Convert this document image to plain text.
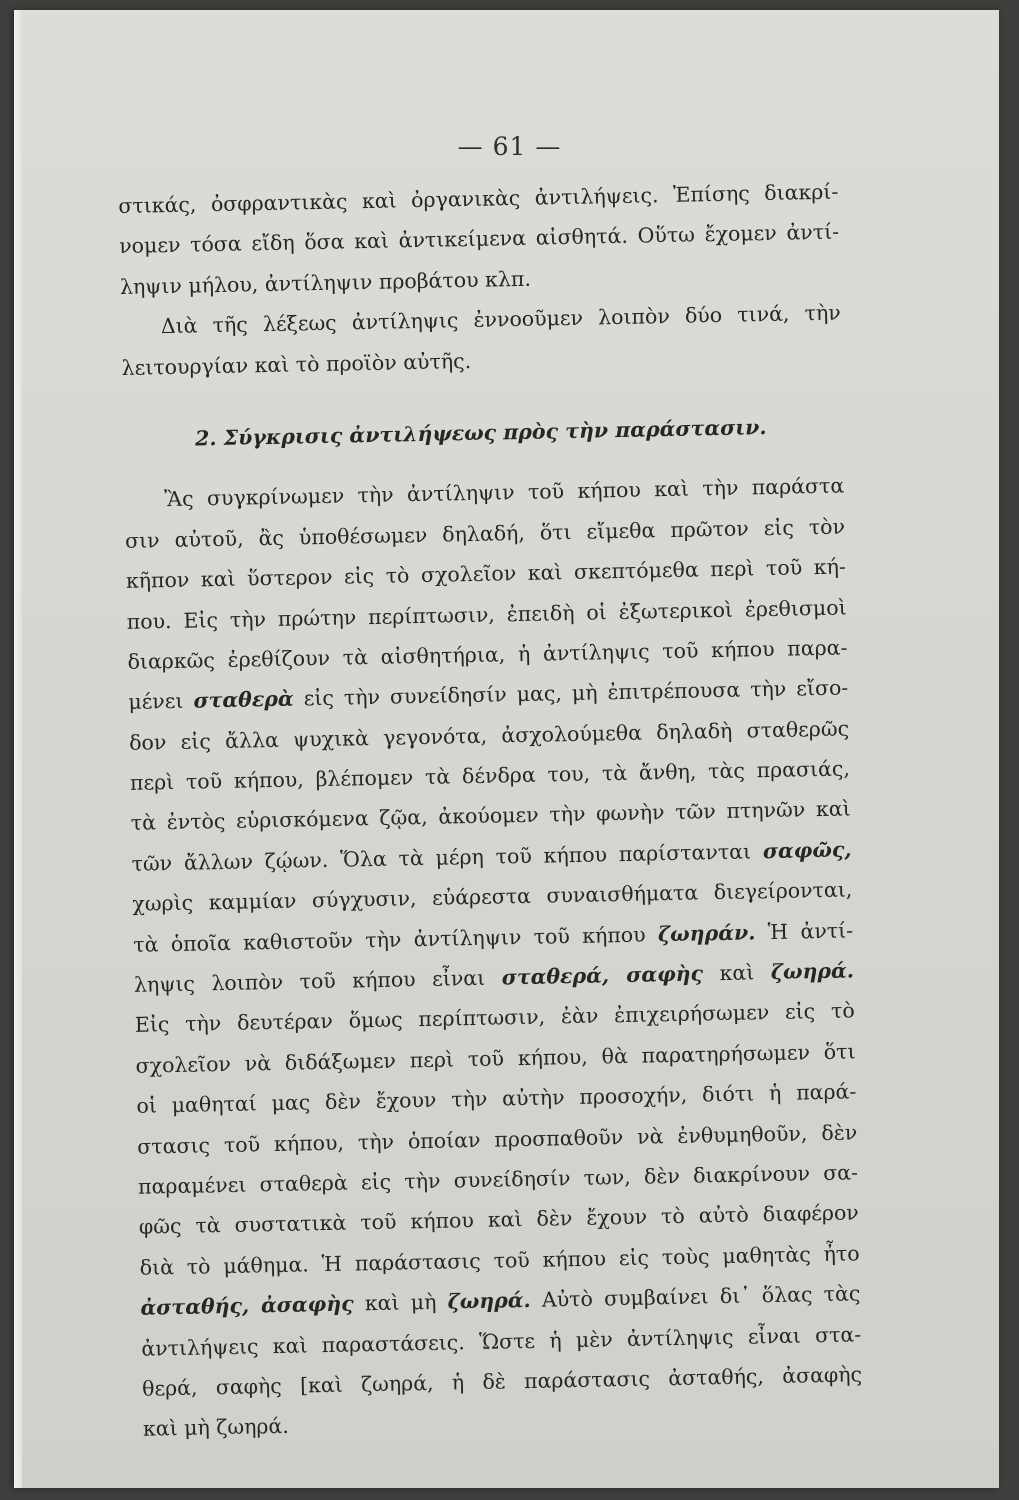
— 61 —
στικάς, ὀσφραντικὰς καὶ ὀργανικὰς ἀντιλήψεις. Ἐπίσης διακρί-
νομεν τόσα εἴδη ὅσα καὶ ἀντικείμενα αἰσθητά. Οὕτω ἔχομεν ἀντί-
ληψιν μήλου, ἀντίληψιν προβάτου κλπ.
Διὰ τῆς λέξεως ἀντίληψις ἐννοοῦμεν λοιπὸν δύο τινά, τὴν
λειτουργίαν καὶ τὸ προϊὸν αὐτῆς.
2. Σύγκρισις ἀντιλήψεως πρὸς τὴν παράστασιν.
Ἂς συγκρίνωμεν τὴν ἀντίληψιν τοῦ κήπου καὶ τὴν παράστα
σιν αὐτοῦ, ἂς ὑποθέσωμεν δηλαδή, ὅτι εἴμεθα πρῶτον εἰς τὸν
κῆπον καὶ ὕστερον εἰς τὸ σχολεῖον καὶ σκεπτόμεθα περὶ τοῦ κή-
που. Εἰς τὴν πρώτην περίπτωσιν, ἐπειδὴ οἱ ἐξωτερικοὶ ἐρεθισμοὶ
διαρκῶς ἐρεθίζουν τὰ αἰσθητήρια, ἡ ἀντίληψις τοῦ κήπου παρα-
μένει σταθερὰ εἰς τὴν συνείδησίν μας, μὴ ἐπιτρέπουσα τὴν εἴσο-
δον εἰς ἄλλα ψυχικὰ γεγονότα, ἀσχολούμεθα δηλαδὴ σταθερῶς
περὶ τοῦ κήπου, βλέπομεν τὰ δένδρα του, τὰ ἄνθη, τὰς πρασιάς,
τὰ ἐντὸς εὑρισκόμενα ζῷα, ἀκούομεν τὴν φωνὴν τῶν πτηνῶν καὶ
τῶν ἄλλων ζῴων. Ὅλα τὰ μέρη τοῦ κήπου παρίστανται σαφῶς,
χωρὶς καμμίαν σύγχυσιν, εὐάρεστα συναισθήματα διεγείρονται,
τὰ ὁποῖα καθιστοῦν τὴν ἀντίληψιν τοῦ κήπου ζωηράν. Ἡ ἀντί-
ληψις λοιπὸν τοῦ κήπου εἶναι σταθερά, σαφὴς καὶ ζωηρά.
Εἰς τὴν δευτέραν ὅμως περίπτωσιν, ἐὰν ἐπιχειρήσωμεν εἰς τὸ
σχολεῖον νὰ διδάξωμεν περὶ τοῦ κήπου, θὰ παρατηρήσωμεν ὅτι
οἱ μαθηταί μας δὲν ἔχουν τὴν αὐτὴν προσοχήν, διότι ἡ παρά-
στασις τοῦ κήπου, τὴν ὁποίαν προσπαθοῦν νὰ ἐνθυμηθοῦν, δὲν
παραμένει σταθερὰ εἰς τὴν συνείδησίν των, δὲν διακρίνουν σα-
φῶς τὰ συστατικὰ τοῦ κήπου καὶ δὲν ἔχουν τὸ αὐτὸ διαφέρον
διὰ τὸ μάθημα. Ἡ παράστασις τοῦ κήπου εἰς τοὺς μαθητὰς ἦτο
ἀσταθής, ἀσαφὴς καὶ μὴ ζωηρά. Αὐτὸ συμβαίνει δι᾿ ὅλας τὰς
ἀντιλήψεις καὶ παραστάσεις. Ὥστε ἡ μὲν ἀντίληψις εἶναι στα-
θερά, σαφὴς [καὶ ζωηρά, ἡ δὲ παράστασις ἀσταθής, ἀσαφὴς
καὶ μὴ ζωηρά.
